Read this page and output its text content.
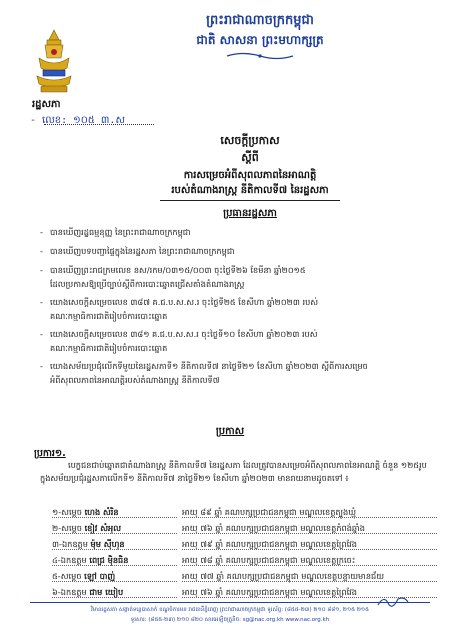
រដ្ឋសភា
- លេខ: ១០៥ ៣.ស
ព្រះរាជាណាចក្រកម្ពុជា
ជាតិ សាសនា ព្រះមហាក្សត្រ
សេចក្តីប្រកាស
ស្តីពី
ការសម្រេចអំពីសុពលភាពនៃអាណត្តិ
របស់តំណាងរាស្ត្រ នីតិកាលទី៧ នៃរដ្ឋសភា
ប្រធានរដ្ឋសភា
- បានឃើញរដ្ឋធម្មនុញ្ញ នៃព្រះរាជាណាចក្រកម្ពុជា
- បានឃើញបទបញ្ជាផ្ទៃក្នុងនៃរដ្ឋសភា នៃព្រះរាជាណាចក្រកម្ពុជា
- បានឃើញព្រះរាជក្រមលេខ នស/រកម/០៣១៥/០០៣ ចុះថ្ងៃទី២៦ ខែមីនា ឆ្នាំ២០១៥
ដែលប្រកាសឱ្យប្រើច្បាប់ស្តីពីការបោះឆ្នោតជ្រើសតាំងតំណាងរាស្ត្រ
- យោងសេចក្តីសម្រេចលេខ ៣៨៧ គ.ជ.ប.ស.ស.រ ចុះថ្ងៃទី២៥ ខែសីហា ឆ្នាំ២០២៣ របស់
គណៈកម្មាធិការជាតិរៀបចំការបោះឆ្នោត
- យោងសេចក្តីសម្រេចលេខ ៣៨១ គ.ជ.ប.ស.ស.រ ចុះថ្ងៃទី១០ ខែសីហា ឆ្នាំ២០២៣ របស់
គណៈកម្មាធិការជាតិរៀបចំការបោះឆ្នោត
- យោងសម័យប្រជុំលើកទីមួយនៃរដ្ឋសភាទី១ នីតិកាលទី៧ នាថ្ងៃទី២១ ខែសីហា ឆ្នាំ២០២៣ ស្តីពីការសម្រេច
អំពីសុពលភាពនៃអាណត្តិរបស់តំណាងរាស្ត្រ នីតិកាលទី៧
ប្រកាស
ប្រការ១.
បេក្ខជនជាប់ឆ្នោតជាតំណាងរាស្ត្រ នីតិកាលទី៧ នៃរដ្ឋសភា ដែលត្រូវបានសម្រេចអំពីសុពលភាពនៃអាណត្តិ ចំនួន ១២៥រូប ក្នុងសម័យប្រជុំរដ្ឋសភាលើកទី១ នីតិកាលទី៧ នាថ្ងៃទី២១ ខែសីហា ឆ្នាំ២០២៣ មានរាយនាមដូចតទៅ ៖
១-សម្តេច ហេង សំរិន	អាយុ ៨៩ ឆ្នាំ គណបក្សប្រជាជនកម្ពុជា មណ្ឌលខេត្តត្បូងឃ្មុំ
២-សម្តេច ខៀវ សំអុល	អាយុ ៧៦ ឆ្នាំ គណបក្សប្រជាជនកម្ពុជា មណ្ឌលខេត្តកំពង់ឆ្នាំង
៣-ឯកឧត្តម ម៉ុម ស៊ីហុន	អាយុ ៧៩ ឆ្នាំ គណបក្សប្រជាជនកម្ពុជា មណ្ឌលខេត្តព្រៃវែង
៤-ឯកឧត្តម ពេជ្រ ម៉ិនធិន	អាយុ ៧៨ ឆ្នាំ គណបក្សប្រជាជនកម្ពុជា មណ្ឌលខេត្តក្រចេះ
៥-សម្តេច ឡៅ បាញ់	អាយុ ៧៧ ឆ្នាំ គណបក្សប្រជាជនកម្ពុជា មណ្ឌលខេត្តបន្ទាយមានជ័យ
៦-ឯកឧត្តម ជាម យៀប	អាយុ ៧៦ ឆ្នាំ គណបក្សប្រជាជនកម្ពុជា មណ្ឌលខេត្តព្រៃវែង
វិមានរដ្ឋសភា សង្កាត់ទន្លេបាសាក់ ខណ្ឌចំការមន រាជធានីភ្នំពេញ ព្រះរាជាណាចក្រកម្ពុជា ទូរស័ព្ទ: (៨៥៥-២៣) ២១០ ៨៨១, ២១៥ ២១៥
ទូរសារ: (៨៥៥-២៣) ២១០ ៨២០ សារអេឡិចត្រូនិច: sg@nac.org.kh www.nac.org.kh
